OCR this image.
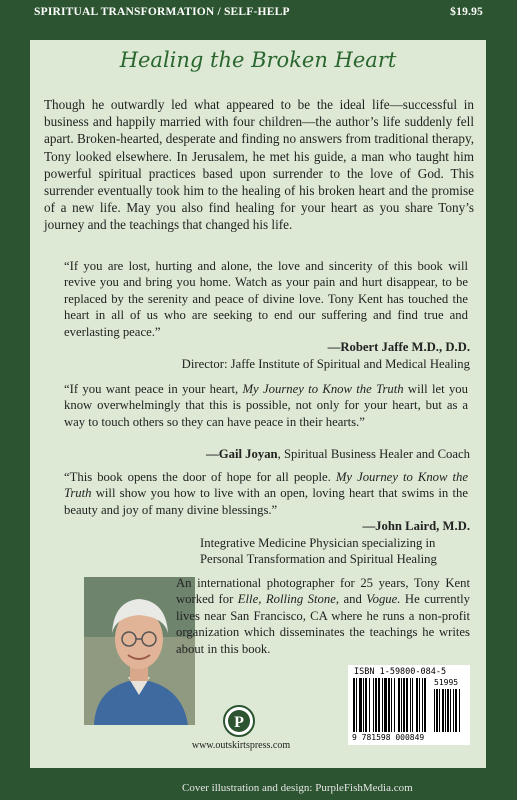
SPIRITUAL TRANSFORMATION / SELF-HELP	$19.95
Healing the Broken Heart

Though he outwardly led what appeared to be the ideal life—successful in business and happily married with four children—the author’s life suddenly fell apart. Broken-hearted, desperate and finding no answers from traditional therapy, Tony looked elsewhere. In Jerusalem, he met his guide, a man who taught him powerful spiritual practices based upon surrender to the love of God. This surrender eventually took him to the healing of his broken heart and the promise of a new life. May you also find healing for your heart as you share Tony’s journey and the teachings that changed his life.

“If you are lost, hurting and alone, the love and sincerity of this book will revive you and bring you home. Watch as your pain and hurt disappear, to be replaced by the serenity and peace of divine love. Tony Kent has touched the heart in all of us who are seeking to end our suffering and find true and everlasting peace.”

—Robert Jaffe M.D., D.D.

Director: Jaffe Institute of Spiritual and Medical Healing

“If you want peace in your heart, My Journey to Know the Truth will let you know overwhelmingly that this is possible, not only for your heart, but as a way to touch others so they can have peace in their hearts.”

—Gail Joyan, Spiritual Business Healer and Coach

“This book opens the door of hope for all people. My Journey to Know the Truth will show you how to live with an open, loving heart that swims in the beauty and joy of many divine blessings.”

—John Laird, M.D.

Integrative Medicine Physician specializing in Personal Transformation and Spiritual Healing

An international photographer for 25 years, Tony Kent worked for Elle, Rolling Stone, and Vogue. He currently lives near San Francisco, CA where he runs a non-profit organization which disseminates the teachings he writes about in this book.

P
www.outskirtspress.com
ISBN 1-59800-084-5
51995
9 781598 000849
Cover illustration and design: PurpleFishMedia.com
